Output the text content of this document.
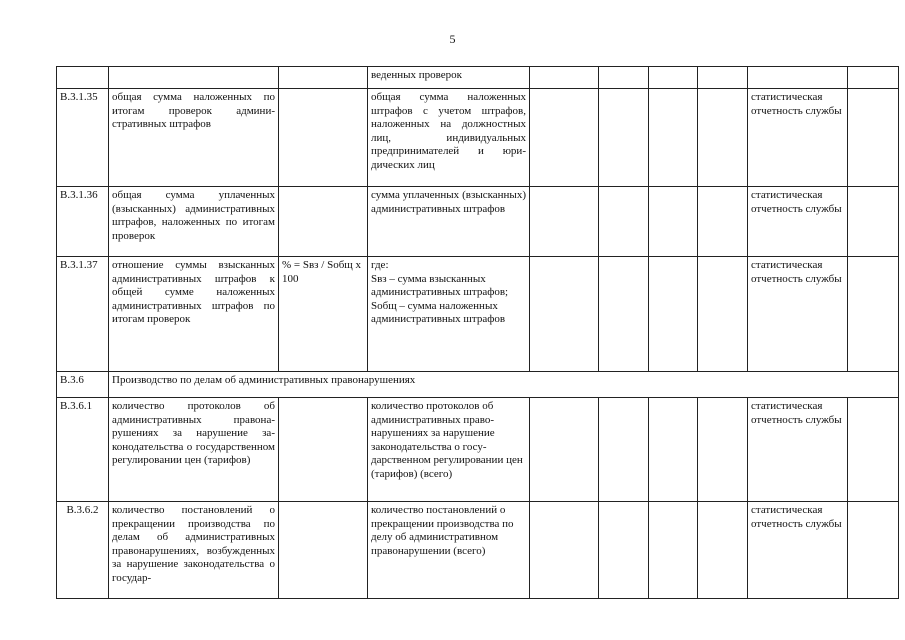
5
			веденных проверок						
В.3.1.35	общая сумма наложенных по итогам проверок административных штрафов		общая сумма наложенных штрафов с учетом штрафов, наложенных на должностных лиц, индивидуальных предпринимателей и юридических лиц					статистическая отчетность службы	
В.3.1.36	общая сумма уплаченных (взысканных) административных штрафов, наложенных по итогам проверок		сумма уплаченных (взысканных) административных штрафов					статистическая отчетность службы	
В.3.1.37	отношение суммы взысканных административных штрафов к общей сумме наложенных административных штрафов по итогам проверок	% = Sвз / Sобщ x 100	где:
Sвз – сумма взысканных административных штрафов;
Sобщ – сумма наложенных административных штрафов					статистическая отчетность службы	
В.3.6	Производство по делам об административных правонарушениях								
В.3.6.1	количество протоколов об административных правонарушениях за нарушение законодательства о государственном регулировании цен (тарифов)		количество протоколов об административных правонарушениях за нарушение законодательства о государственном регулировании цен (тарифов) (всего)					статистическая отчетность службы	
В.3.6.2	количество постановлений о прекращении производства по делам об административных правонарушениях, возбужденных за нарушение законодательства о государ-		количество постановлений о прекращении производства по делу об административном правонарушении (всего)					статистическая отчетность службы	
